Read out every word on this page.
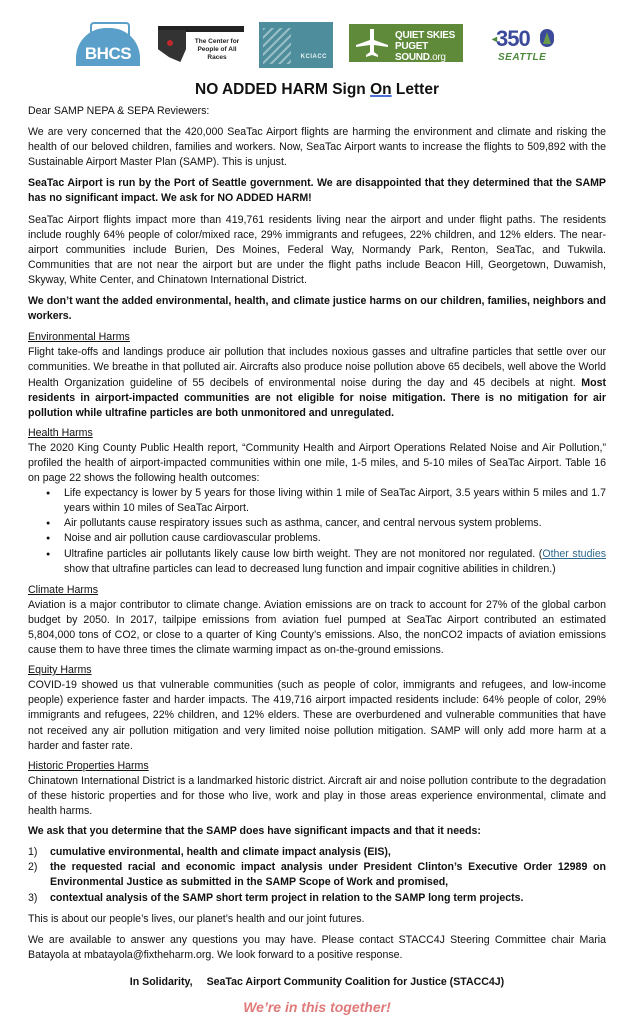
BHCS
The Center for People of All Races	KCIACC
QUIET SKIES
PUGET SOUND.org
◂
350
SEATTLE
NO ADDED HARM Sign On Letter

Dear SAMP NEPA & SEPA Reviewers:

We are very concerned that the 420,000 SeaTac Airport flights are harming the environment and climate and risking the health of our beloved children, families and workers. Now, SeaTac Airport wants to increase the flights to 509,892 with the Sustainable Airport Master Plan (SAMP). This is unjust.

SeaTac Airport is run by the Port of Seattle government. We are disappointed that they determined that the SAMP has no significant impact. We ask for NO ADDED HARM!

SeaTac Airport flights impact more than 419,761 residents living near the airport and under flight paths. The residents include roughly 64% people of color/mixed race, 29% immigrants and refugees, 22% children, and 12% elders. The near-airport communities include Burien, Des Moines, Federal Way, Normandy Park, Renton, SeaTac, and Tukwila. Communities that are not near the airport but are under the flight paths include Beacon Hill, Georgetown, Duwamish, Skyway, White Center, and Chinatown International District.

We don’t want the added environmental, health, and climate justice harms on our children, families, neighbors and workers.

Environmental Harms

Flight take-offs and landings produce air pollution that includes noxious gasses and ultrafine particles that settle over our communities. We breathe in that polluted air. Aircrafts also produce noise pollution above 65 decibels, well above the World Health Organization guideline of 55 decibels of environmental noise during the day and 45 decibels at night. Most residents in airport-impacted communities are not eligible for noise mitigation. There is no mitigation for air pollution while ultrafine particles are both unmonitored and unregulated.

Health Harms

The 2020 King County Public Health report, “Community Health and Airport Operations Related Noise and Air Pollution,” profiled the health of airport-impacted communities within one mile, 1-5 miles, and 5-10 miles of SeaTac Airport. Table 16 on page 22 shows the following health outcomes:

● Life expectancy is lower by 5 years for those living within 1 mile of SeaTac Airport, 3.5 years within 5 miles and 1.7 years within 10 miles of SeaTac Airport.
● Air pollutants cause respiratory issues such as asthma, cancer, and central nervous system problems.
● Noise and air pollution cause cardiovascular problems.
● Ultrafine particles air pollutants likely cause low birth weight. They are not monitored nor regulated. (Other studies show that ultrafine particles can lead to decreased lung function and impair cognitive abilities in children.)
Climate Harms

Aviation is a major contributor to climate change. Aviation emissions are on track to account for 27% of the global carbon budget by 2050. In 2017, tailpipe emissions from aviation fuel pumped at SeaTac Airport contributed an estimated 5,804,000 tons of CO2, or close to a quarter of King County’s emissions. Also, the nonCO2 impacts of aviation emissions cause them to have three times the climate warming impact as on-the-ground emissions.

Equity Harms

COVID-19 showed us that vulnerable communities (such as people of color, immigrants and refugees, and low-income people) experience faster and harder impacts. The 419,716 airport impacted residents include: 64% people of color, 29% immigrants and refugees, 22% children, and 12% elders. These are overburdened and vulnerable communities that have not received any air pollution mitigation and very limited noise pollution mitigation. SAMP will only add more harm at a harder and faster rate.

Historic Properties Harms

Chinatown International District is a landmarked historic district. Aircraft air and noise pollution contribute to the degradation of these historic properties and for those who live, work and play in those areas experience environmental, climate and health harms.

We ask that you determine that the SAMP does have significant impacts and that it needs:

1) cumulative environmental, health and climate impact analysis (EIS),
2) the requested racial and economic impact analysis under President Clinton’s Executive Order 12989 on Environmental Justice as submitted in the SAMP Scope of Work and promised,
3) contextual analysis of the SAMP short term project in relation to the SAMP long term projects.

This is about our people’s lives, our planet’s health and our joint futures.

We are available to answer any questions you may have. Please contact STACC4J Steering Committee chair Maria Batayola at mbatayola@fixtheharm.org. We look forward to a positive response.

In Solidarity, SeaTac Airport Community Coalition for Justice (STACC4J)
We’re in this together!
